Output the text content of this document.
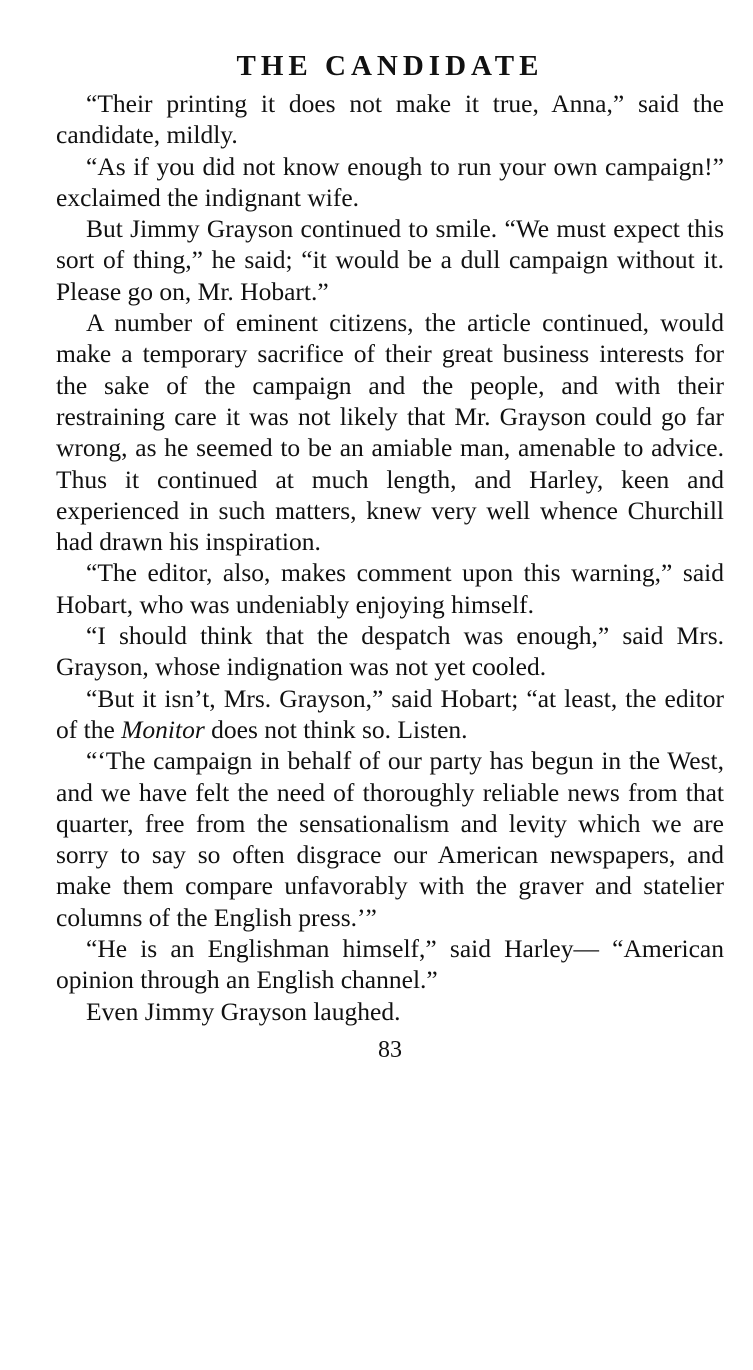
THE CANDIDATE

“Their printing it does not make it true, Anna,” said the candidate, mildly.

“As if you did not know enough to run your own campaign!” exclaimed the indignant wife.

But Jimmy Grayson continued to smile. “We must expect this sort of thing,” he said; “it would be a dull campaign without it. Please go on, Mr. Hobart.”

A number of eminent citizens, the article continued, would make a temporary sacrifice of their great business interests for the sake of the campaign and the people, and with their restraining care it was not likely that Mr. Grayson could go far wrong, as he seemed to be an amiable man, amenable to advice. Thus it continued at much length, and Harley, keen and experienced in such matters, knew very well whence Churchill had drawn his inspiration.

“The editor, also, makes comment upon this warning,” said Hobart, who was undeniably enjoying himself.

“I should think that the despatch was enough,” said Mrs. Grayson, whose indignation was not yet cooled.

“But it isn’t, Mrs. Grayson,” said Hobart; “at least, the editor of the Monitor does not think so. Listen.

“‘The campaign in behalf of our party has begun in the West, and we have felt the need of thoroughly reliable news from that quarter, free from the sensationalism and levity which we are sorry to say so often disgrace our American newspapers, and make them compare unfavorably with the graver and statelier columns of the English press.’”

“He is an Englishman himself,” said Harley— “American opinion through an English channel.”

Even Jimmy Grayson laughed.

83
